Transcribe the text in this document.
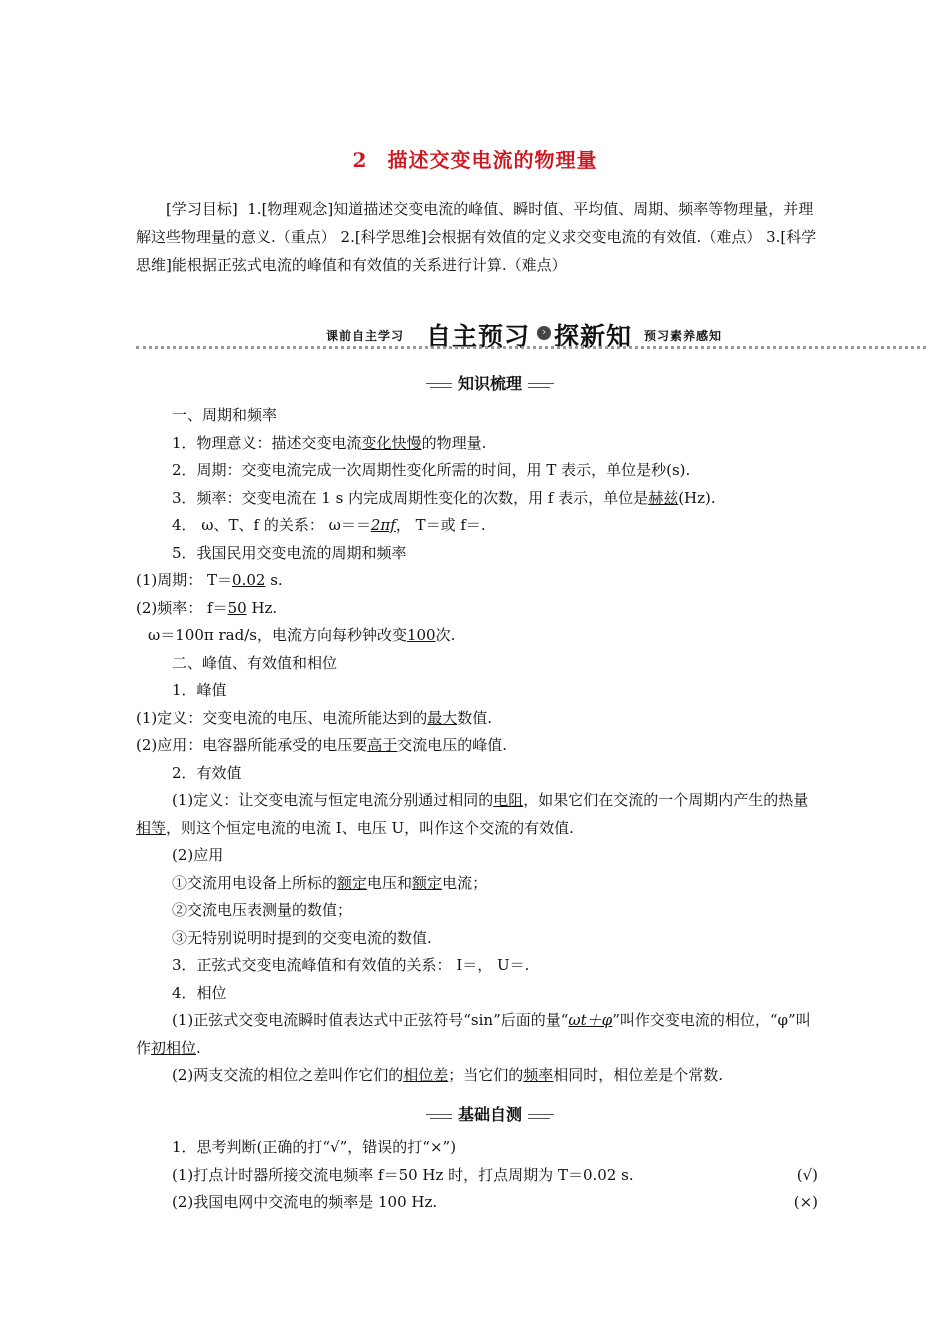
2 描述交变电流的物理量
[学习目标] 1.[物理观念]知道描述交变电流的峰值、瞬时值、平均值、周期、频率等物理量，并理解这些物理量的意义.（重点） 2.[科学思维]会根据有效值的定义求交变电流的有效值.（难点） 3.[科学思维]能根据正弦式电流的峰值和有效值的关系进行计算.（难点）
课前自主学习 自主预习	› 探新知 预习素养感知
知识梳理
一、周期和频率
1．物理意义：描述交变电流变化快慢的物理量.
2．周期：交变电流完成一次周期性变化所需的时间，用 T 表示，单位是秒(s).
3．频率：交变电流在 1 s 内完成周期性变化的次数，用 f 表示，单位是赫兹(Hz).
4． ω、T、f 的关系： ω＝＝2πf， T＝或 f＝.
5．我国民用交变电流的周期和频率
(1)周期： T＝0.02 s.
(2)频率： f＝50 Hz.
ω＝100π rad/s，电流方向每秒钟改变100次.
二、峰值、有效值和相位
1．峰值
(1)定义：交变电流的电压、电流所能达到的最大数值.
(2)应用：电容器所能承受的电压要高于交流电压的峰值.
2．有效值
(1)定义：让交变电流与恒定电流分别通过相同的电阻，如果它们在交流的一个周期内产生的热量相等，则这个恒定电流的电流 I、电压 U，叫作这个交流的有效值.
(2)应用
①交流用电设备上所标的额定电压和额定电流；
②交流电压表测量的数值；
③无特别说明时提到的交变电流的数值.
3．正弦式交变电流峰值和有效值的关系： I＝， U＝.
4．相位
(1)正弦式交变电流瞬时值表达式中正弦符号“sin”后面的量“ωt＋φ”叫作交变电流的相位，“φ”叫作初相位.
(2)两支交流的相位之差叫作它们的相位差；当它们的频率相同时，相位差是个常数.
基础自测
1．思考判断(正确的打“√”，错误的打“×”)
(1)打点计时器所接交流电频率 f＝50 Hz 时，打点周期为 T＝0.02 s.	(√)
(2)我国电网中交流电的频率是 100 Hz.	(×)
